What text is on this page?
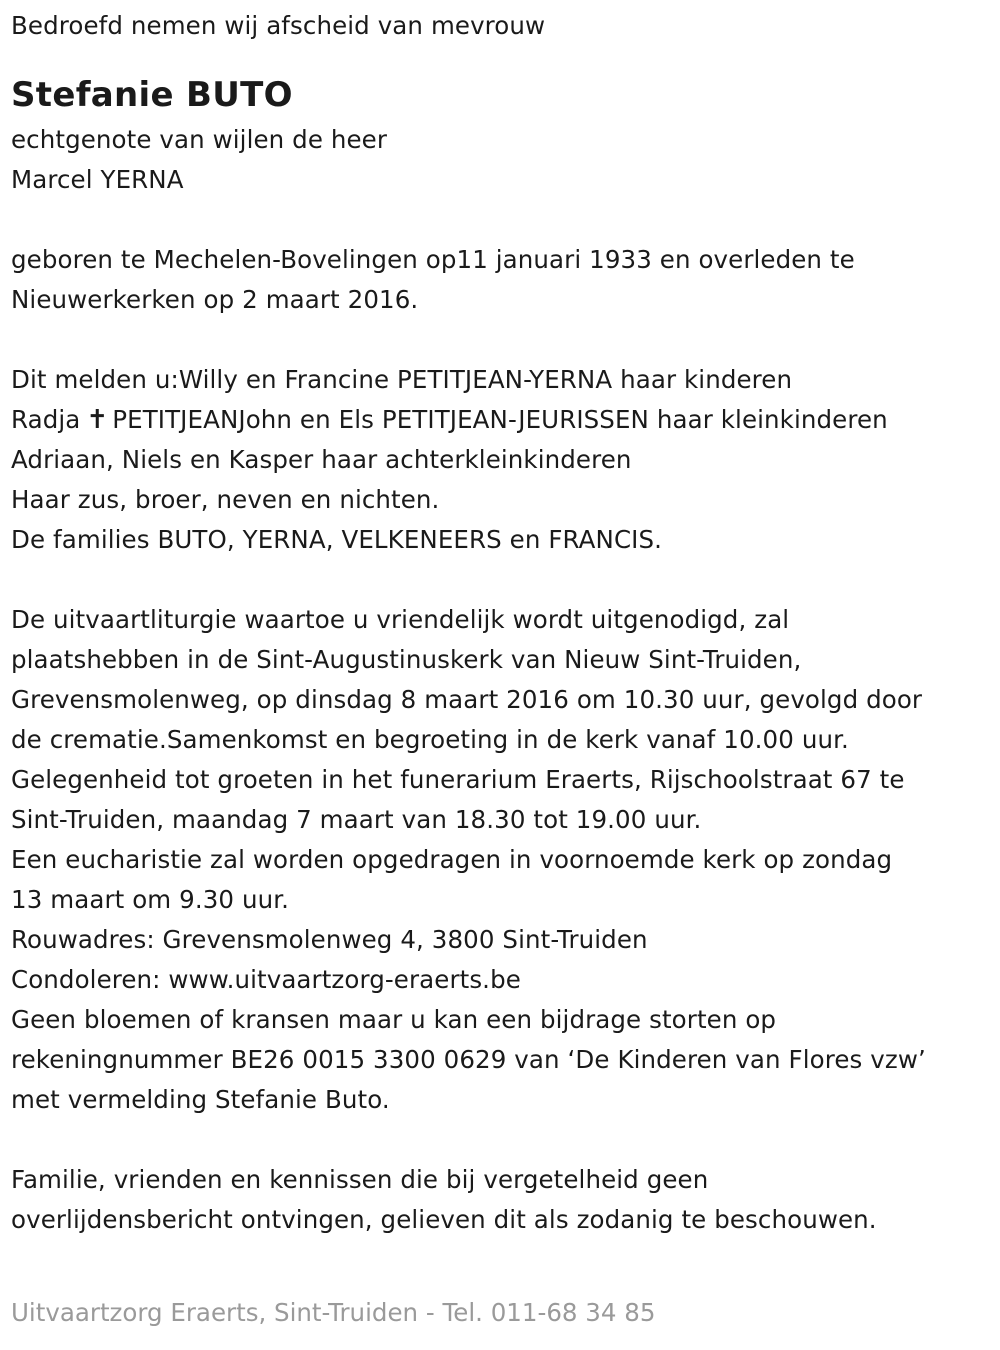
Bedroefd nemen wij afscheid van mevrouw
Stefanie BUTO
echtgenote van wijlen de heer
Marcel YERNA
geboren te Mechelen-Bovelingen op11 januari 1933 en overleden te
Nieuwerkerken op 2 maart 2016.
Dit melden u:Willy en Francine PETITJEAN-YERNA haar kinderen
Radja ✝ PETITJEANJohn en Els PETITJEAN-JEURISSEN haar kleinkinderen
Adriaan, Niels en Kasper haar achterkleinkinderen
Haar zus, broer, neven en nichten.
De families BUTO, YERNA, VELKENEERS en FRANCIS.
De uitvaartliturgie waartoe u vriendelijk wordt uitgenodigd, zal
plaatshebben in de Sint-Augustinuskerk van Nieuw Sint-Truiden,
Grevensmolenweg, op dinsdag 8 maart 2016 om 10.30 uur, gevolgd door
de crematie.Samenkomst en begroeting in de kerk vanaf 10.00 uur.
Gelegenheid tot groeten in het funerarium Eraerts, Rijschoolstraat 67 te
Sint-Truiden, maandag 7 maart van 18.30 tot 19.00 uur.
Een eucharistie zal worden opgedragen in voornoemde kerk op zondag
13 maart om 9.30 uur.
Rouwadres: Grevensmolenweg 4, 3800 Sint-Truiden
Condoleren: www.uitvaartzorg-eraerts.be
Geen bloemen of kransen maar u kan een bijdrage storten op
rekeningnummer BE26 0015 3300 0629 van ‘De Kinderen van Flores vzw’
met vermelding Stefanie Buto.
Familie, vrienden en kennissen die bij vergetelheid geen
overlijdensbericht ontvingen, gelieven dit als zodanig te beschouwen.
Uitvaartzorg Eraerts, Sint-Truiden - Tel. 011-68 34 85
